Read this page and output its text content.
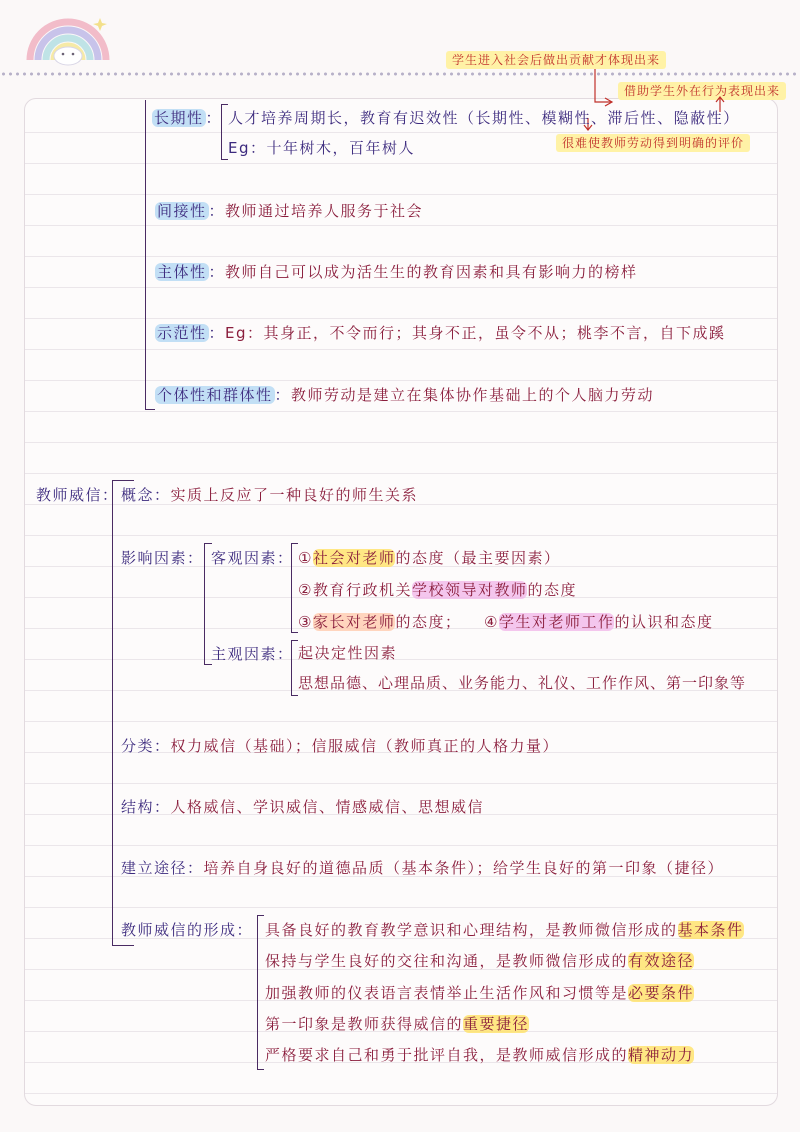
学生进入社会后做出贡献才体现出来
借助学生外在行为表现出来
很难使教师劳动得到明确的评价
长期性 ： 人才培养周期长，教育有迟效性（长期性、模糊性、滞后性、隐蔽性）
Eg：十年树木，百年树人
间接性 ：教师通过培养人服务于社会
主体性 ：教师自己可以成为活生生的教育因素和具有影响力的榜样
示范性 ：Eg：其身正，不令而行；其身不正，虽令不从；桃李不言，自下成蹊
个体性和群体性 ：教师劳动是建立在集体协作基础上的个人脑力劳动
教师威信： 概念：实质上反应了一种良好的师生关系
影响因素： 客观因素： ①社会对老师的态度（最主要因素）
②教育行政机关学校领导对教师的态度
③家长对老师的态度； ④学生对老师工作的认识和态度
主观因素： 起决定性因素
思想品德、心理品质、业务能力、礼仪、工作作风、第一印象等
分类：权力威信（基础）；信服威信（教师真正的人格力量）
结构：人格威信、学识威信、情感威信、思想威信
建立途径：培养自身良好的道德品质（基本条件）；给学生良好的第一印象（捷径）
教师威信的形成： 具备良好的教育教学意识和心理结构，是教师微信形成的基本条件
保持与学生良好的交往和沟通，是教师微信形成的有效途径
加强教师的仪表语言表情举止生活作风和习惯等是必要条件
第一印象是教师获得威信的重要捷径
严格要求自己和勇于批评自我，是教师威信形成的精神动力
